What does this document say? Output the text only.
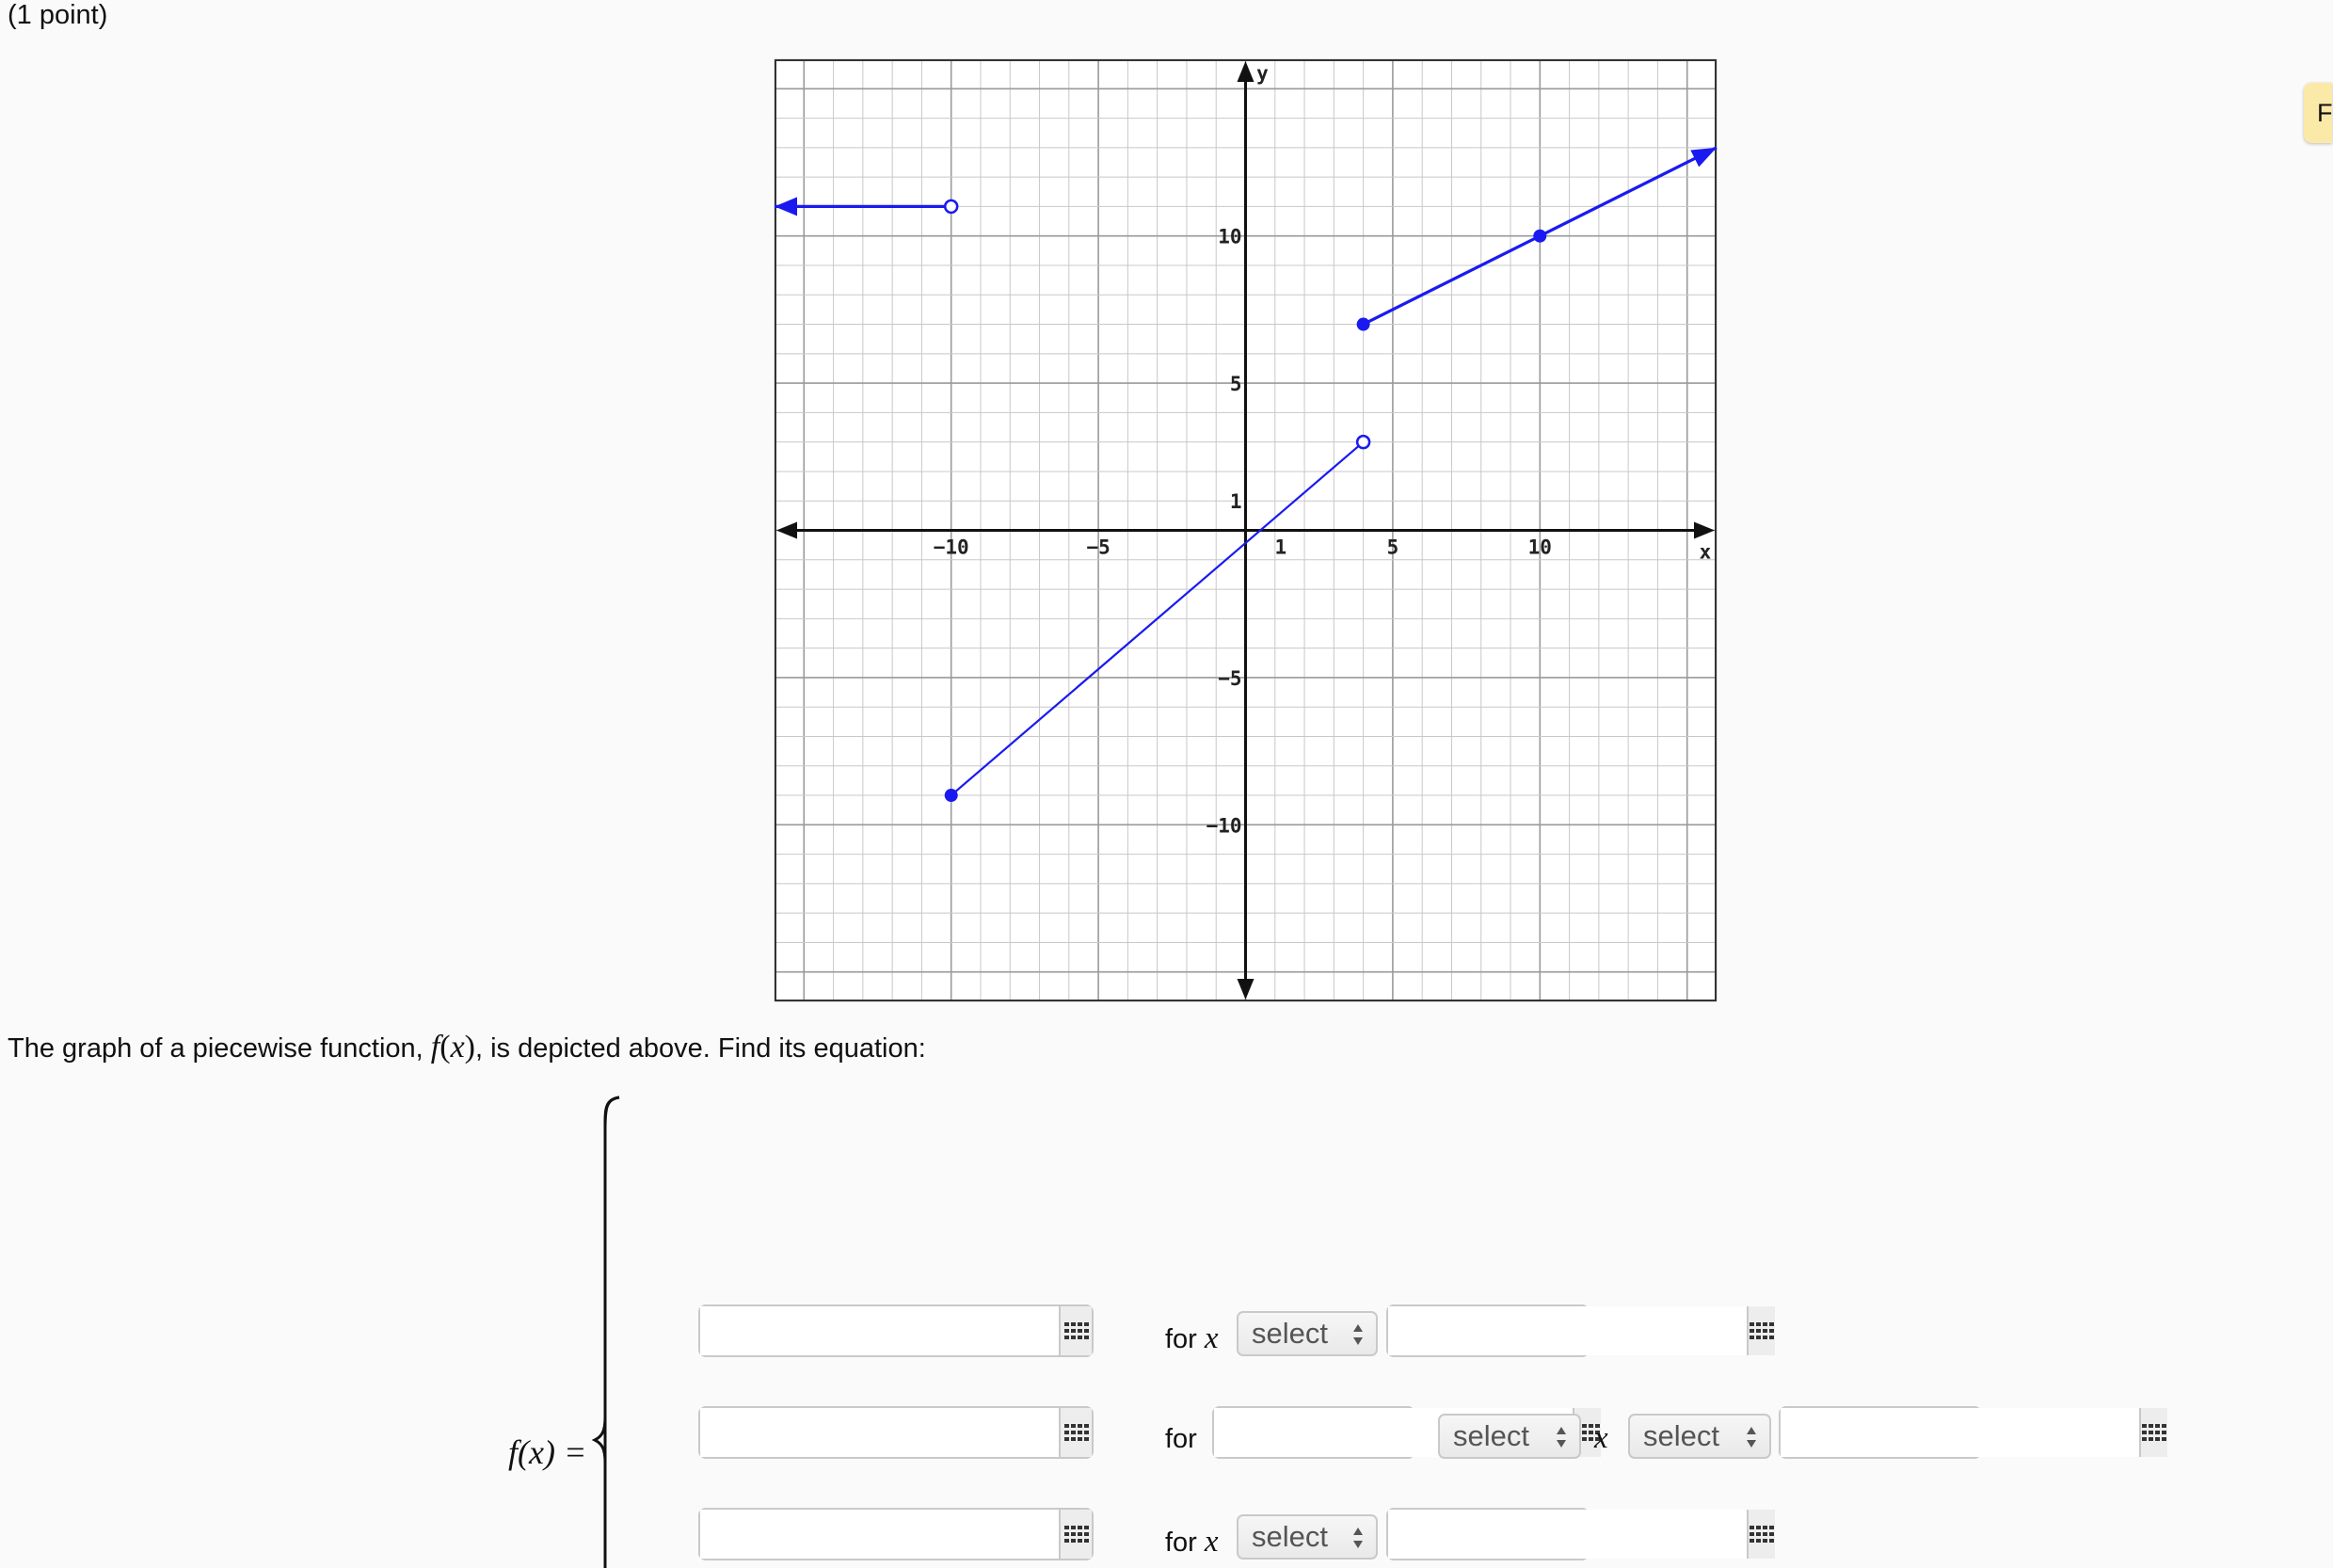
(1 point)
F
x
y
−10	−5	1	5	10
10
5
1
−5
−10
The graph of a piecewise function, f(x), is depicted above. Find its equation:
f(x) =
for x select
for	select x select
for x select
